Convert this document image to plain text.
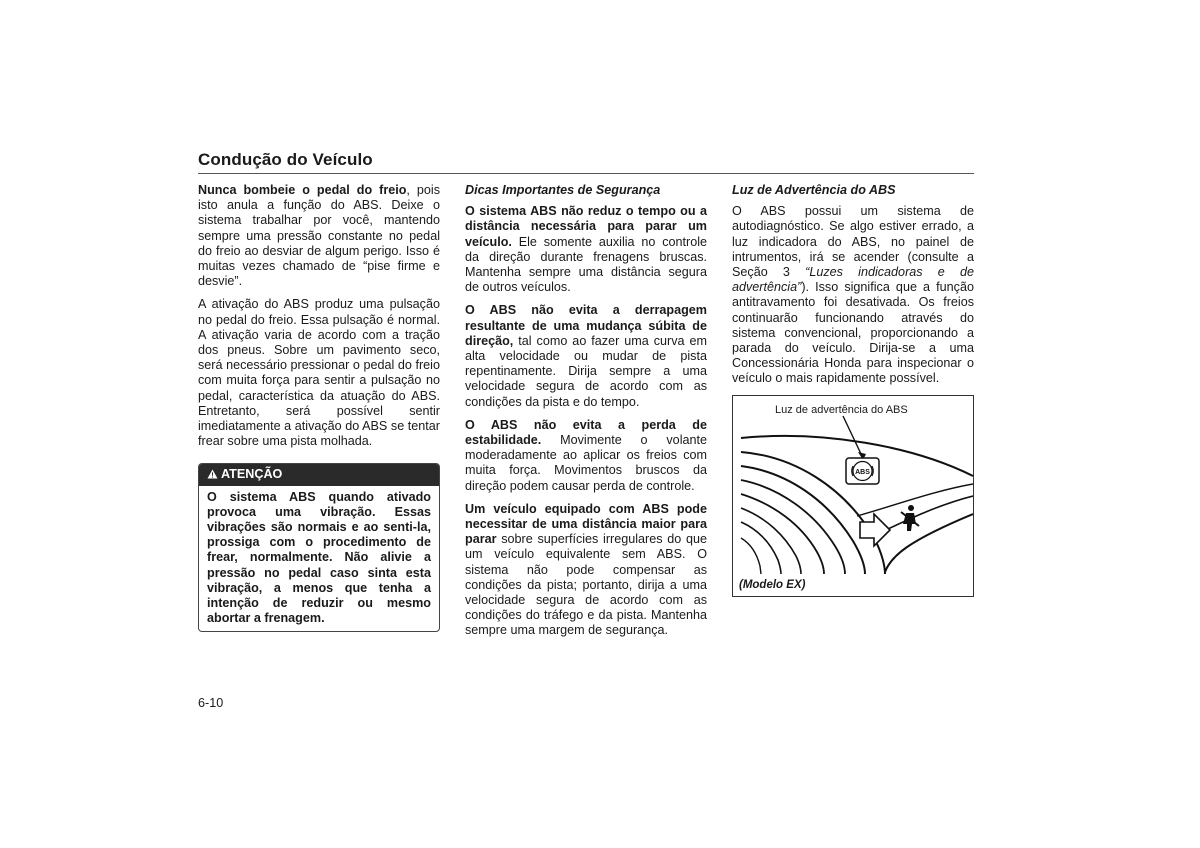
Condução do Veículo

Nunca bombeie o pedal do freio, pois isto anula a função do ABS. Deixe o sistema trabalhar por você, mantendo sempre uma pressão constante no pedal do freio ao desviar de algum perigo. Isso é muitas vezes chamado de “pise firme e desvie”.

A ativação do ABS produz uma pulsação no pedal do freio. Essa pulsação é normal. A ativação varia de acordo com a tração dos pneus. Sobre um pavimento seco, será necessário pressionar o pedal do freio com muita força para sentir a pulsação no pedal, característica da atuação do ABS. Entretanto, será possível sentir imediatamente a ativação do ABS se tentar frear sobre uma pista molhada.

ATENÇÃO
O sistema ABS quando ativado provoca uma vibração. Essas vibrações são normais e ao senti-la, prossiga com o procedimento de frear, normalmente. Não alivie a pressão no pedal caso sinta esta vibração, a menos que tenha a intenção de reduzir ou mesmo abortar a frenagem.
Dicas Importantes de Segurança

O sistema ABS não reduz o tempo ou a distância necessária para parar um veículo. Ele somente auxilia no controle da direção durante frenagens bruscas. Mantenha sempre uma distância segura de outros veículos.

O ABS não evita a derrapagem resultante de uma mudança súbita de direção, tal como ao fazer uma curva em alta velocidade ou mudar de pista repentinamente. Dirija sempre a uma velocidade segura de acordo com as condições da pista e do tempo.

O ABS não evita a perda de estabilidade. Movimente o volante moderadamente ao aplicar os freios com muita força. Movimentos bruscos da direção podem causar perda de controle.

Um veículo equipado com ABS pode necessitar de uma distância maior para parar sobre superfícies irregulares do que um veículo equivalente sem ABS. O sistema não pode compensar as condições da pista; portanto, dirija a uma velocidade segura de acordo com as condições do tráfego e da pista. Mantenha sempre uma margem de segurança.

Luz de Advertência do ABS

O ABS possui um sistema de autodiagnóstico. Se algo estiver errado, a luz indicadora do ABS, no painel de intrumentos, irá se acender (consulte a Seção 3 “Luzes indicadoras e de advertência”). Isso significa que a função antitravamento foi desativada. Os freios continuarão funcionando através do sistema convencional, proporcionando a parada do veículo. Dirija-se a uma Concessionária Honda para inspecionar o veículo o mais rapidamente possível.

Luz de advertência do ABS
ABS
(Modelo EX)
6-10
